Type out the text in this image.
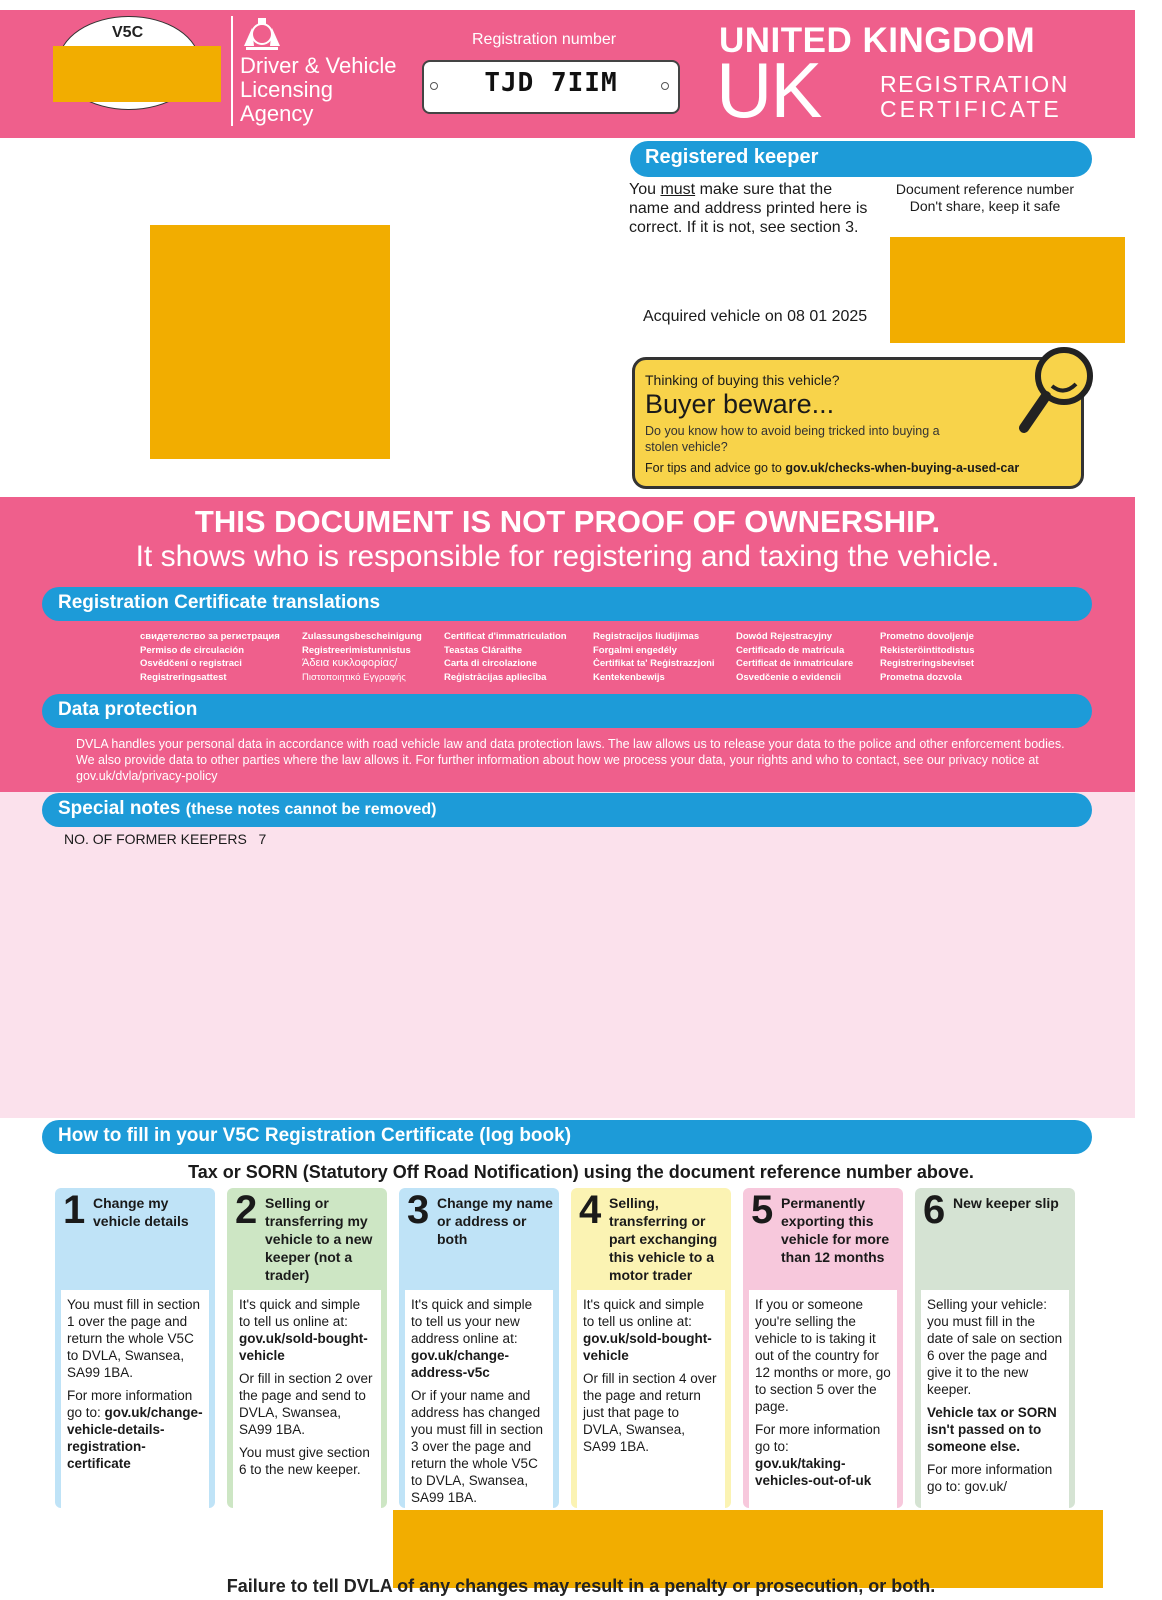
V5C
Driver & Vehicle
Licensing
Agency
Registration number
TJD 7IIM
UNITED KINGDOM
UK	REGISTRATION
CERTIFICATE
Registered keeper
You must make sure that the name and address printed here is correct. If it is not, see section 3.
Document reference number
Don't share, keep it safe
Acquired vehicle on 08 01 2025
Thinking of buying this vehicle?
Buyer beware...
Do you know how to avoid being tricked into buying a stolen vehicle?
For tips and advice go to gov.uk/checks-when-buying-a-used-car
THIS DOCUMENT IS NOT PROOF OF OWNERSHIP.
It shows who is responsible for registering and taxing the vehicle.
Registration Certificate translations
свидетелство за регистрация
Permiso de circulación
Osvědčení o registraci
Registreringsattest
Zulassungsbescheinigung
Registreerimistunnistus
Άδεια κυκλοφορίας/
Πιστοποιητικό Εγγραφής
Certificat d'immatriculation
Teastas Cláraithe
Carta di circolazione
Reģistrācijas apliecība
Registracijos liudijimas
Forgalmi engedély
Ċertifikat ta' Reġistrazzjoni
Kentekenbewijs
Dowód Rejestracyjny
Certificado de matrícula
Certificat de înmatriculare
Osvedčenie o evidencii
Prometno dovoljenje
Rekisteröintitodistus
Registreringsbeviset
Prometna dozvola
Data protection
DVLA handles your personal data in accordance with road vehicle law and data protection laws. The law allows us to release your data to the police and other enforcement bodies. We also provide data to other parties where the law allows it. For further information about how we process your data, your rights and who to contact, see our privacy notice at gov.uk/dvla/privacy-policy
Special notes (these notes cannot be removed)
NO. OF FORMER KEEPERS   7
How to fill in your V5C Registration Certificate (log book)
Tax or SORN (Statutory Off Road Notification) using the document reference number above.
1 Change my vehicle details

You must fill in section 1 over the page and return the whole V5C to DVLA, Swansea, SA99 1BA.

For more information go to: gov.uk/change-vehicle-details-registration-certificate

2 Selling or transferring my vehicle to a new keeper (not a trader)

It's quick and simple to tell us online at:

gov.uk/sold-bought-vehicle

Or fill in section 2 over the page and send to DVLA, Swansea, SA99 1BA.

You must give section 6 to the new keeper.

3 Change my name or address or both

It's quick and simple to tell us your new address online at:

gov.uk/change-address-v5c

Or if your name and address has changed you must fill in section 3 over the page and return the whole V5C to DVLA, Swansea, SA99 1BA.

4 Selling, transferring or part exchanging this vehicle to a motor trader

It's quick and simple to tell us online at:

gov.uk/sold-bought-vehicle

Or fill in section 4 over the page and return just that page to DVLA, Swansea, SA99 1BA.

5 Permanently exporting this vehicle for more than 12 months

If you or someone you're selling the vehicle to is taking it out of the country for 12 months or more, go to section 5 over the page.

For more information go to:

gov.uk/taking-vehicles-out-of-uk

6 New keeper slip

Selling your vehicle: you must fill in the date of sale on section 6 over the page and give it to the new keeper.

Vehicle tax or SORN isn't passed on to someone else.

For more information go to: gov.uk/

Failure to tell DVLA of any changes may result in a penalty or prosecution, or both.
